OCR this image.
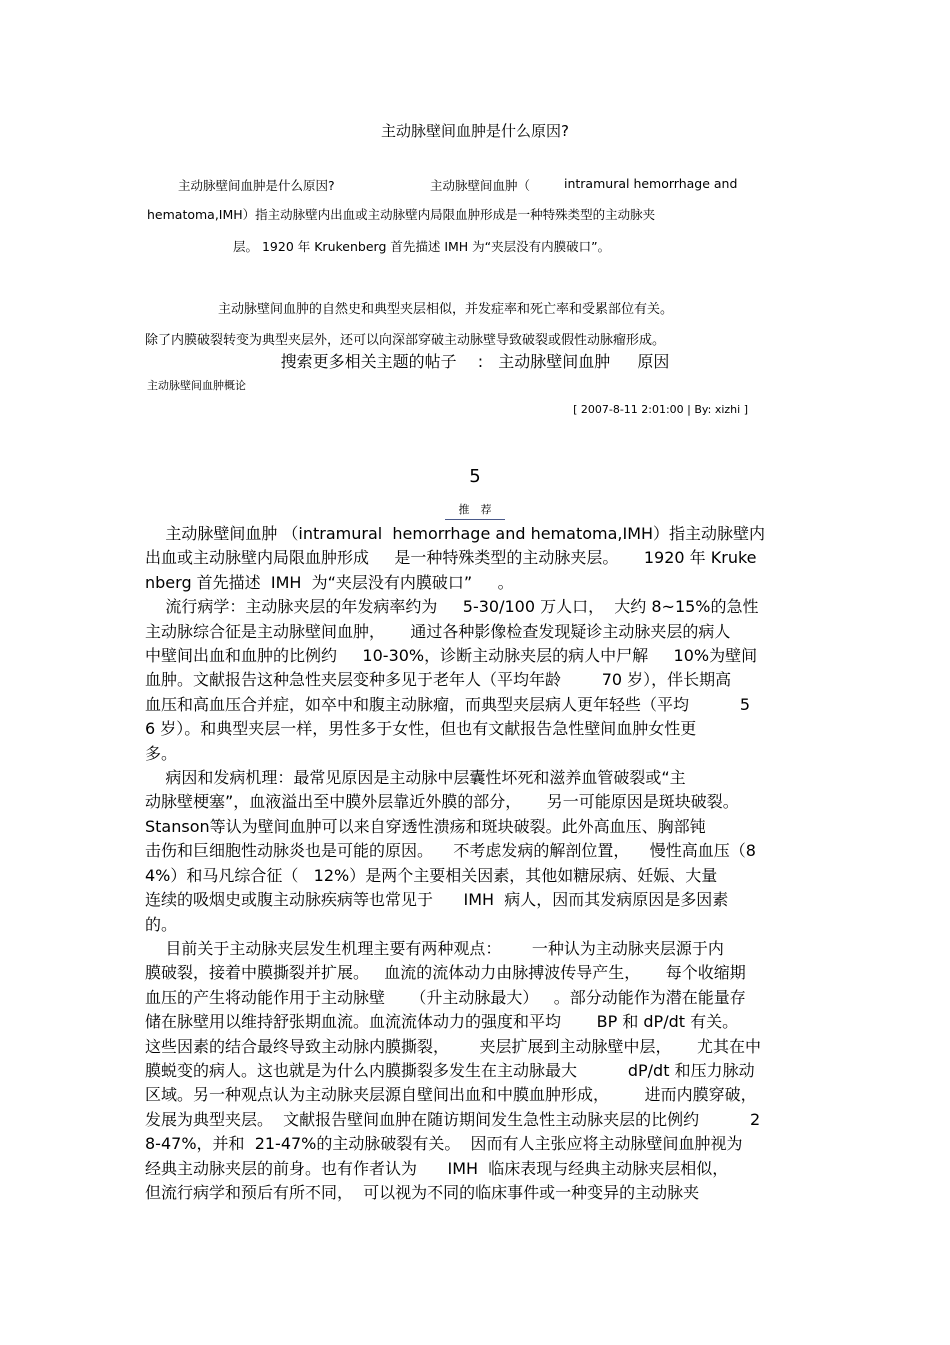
主动脉壁间血肿是什么原因?
主动脉壁间血肿是什么原因?	主动脉壁间血肿（	intramural hemorrhage and
hematoma,IMH）指主动脉壁内出血或主动脉壁内局限血肿形成是一种特殊类型的主动脉夹
层。 1920 年 Krukenberg 首先描述 IMH 为“夹层没有内膜破口”。
主动脉壁间血肿的自然史和典型夹层相似，并发症率和死亡率和受累部位有关。
除了内膜破裂转变为典型夹层外，还可以向深部穿破主动脉壁导致破裂或假性动脉瘤形成。
搜索更多相关主题的帖子 : 主动脉壁间血肿 原因
主动脉壁间血肿概论
[ 2007-8-11 2:01:00 | By: xizhi ]
5
推　荐

主动脉壁间血肿 （intramural  hemorrhage and hematoma,IMH）指主动脉壁内

出血或主动脉壁内局限血肿形成     是一种特殊类型的主动脉夹层。     1920 年 Kruke

nberg 首先描述  IMH  为“夹层没有内膜破口”     。

流行病学：主动脉夹层的年发病率约为     5-30/100 万人口，  大约 8~15%的急性

主动脉综合征是主动脉壁间血肿，     通过各种影像检查发现疑诊主动脉夹层的病人

中壁间出血和血肿的比例约     10-30%，诊断主动脉夹层的病人中尸解     10%为壁间

血肿。文献报告这种急性夹层变种多见于老年人（平均年龄        70 岁），伴长期高

血压和高血压合并症，如卒中和腹主动脉瘤，而典型夹层病人更年轻些（平均          5

6 岁）。和典型夹层一样，男性多于女性，但也有文献报告急性壁间血肿女性更

多。

病因和发病机理：最常见原因是主动脉中层囊性坏死和滋养血管破裂或“主

动脉壁梗塞”，血液溢出至中膜外层靠近外膜的部分，     另一可能原因是斑块破裂。

Stanson等认为壁间血肿可以来自穿透性溃疡和斑块破裂。此外高血压、胸部钝

击伤和巨细胞性动脉炎也是可能的原因。    不考虑发病的解剖位置，    慢性高血压（8

4%）和马凡综合征（   12%）是两个主要相关因素，其他如糖尿病、妊娠、大量

连续的吸烟史或腹主动脉疾病等也常见于      IMH  病人，因而其发病原因是多因素

的。

目前关于主动脉夹层发生机理主要有两种观点：      一种认为主动脉夹层源于内

膜破裂，接着中膜撕裂并扩展。   血流的流体动力由脉搏波传导产生，     每个收缩期

血压的产生将动能作用于主动脉壁     （升主动脉最大）   。部分动能作为潜在能量存

储在脉壁用以维持舒张期血流。血流流体动力的强度和平均       BP 和 dP/dt 有关。

这些因素的结合最终导致主动脉内膜撕裂，      夹层扩展到主动脉壁中层，     尤其在中

膜蜕变的病人。这也就是为什么内膜撕裂多发生在主动脉最大          dP/dt 和压力脉动

区域。另一种观点认为主动脉夹层源自壁间出血和中膜血肿形成，       进而内膜穿破，

发展为典型夹层。  文献报告壁间血肿在随访期间发生急性主动脉夹层的比例约          2

8-47%，并和  21-47%的主动脉破裂有关。  因而有人主张应将主动脉壁间血肿视为

经典主动脉夹层的前身。也有作者认为      IMH  临床表现与经典主动脉夹层相似，

但流行病学和预后有所不同，  可以视为不同的临床事件或一种变异的主动脉夹
